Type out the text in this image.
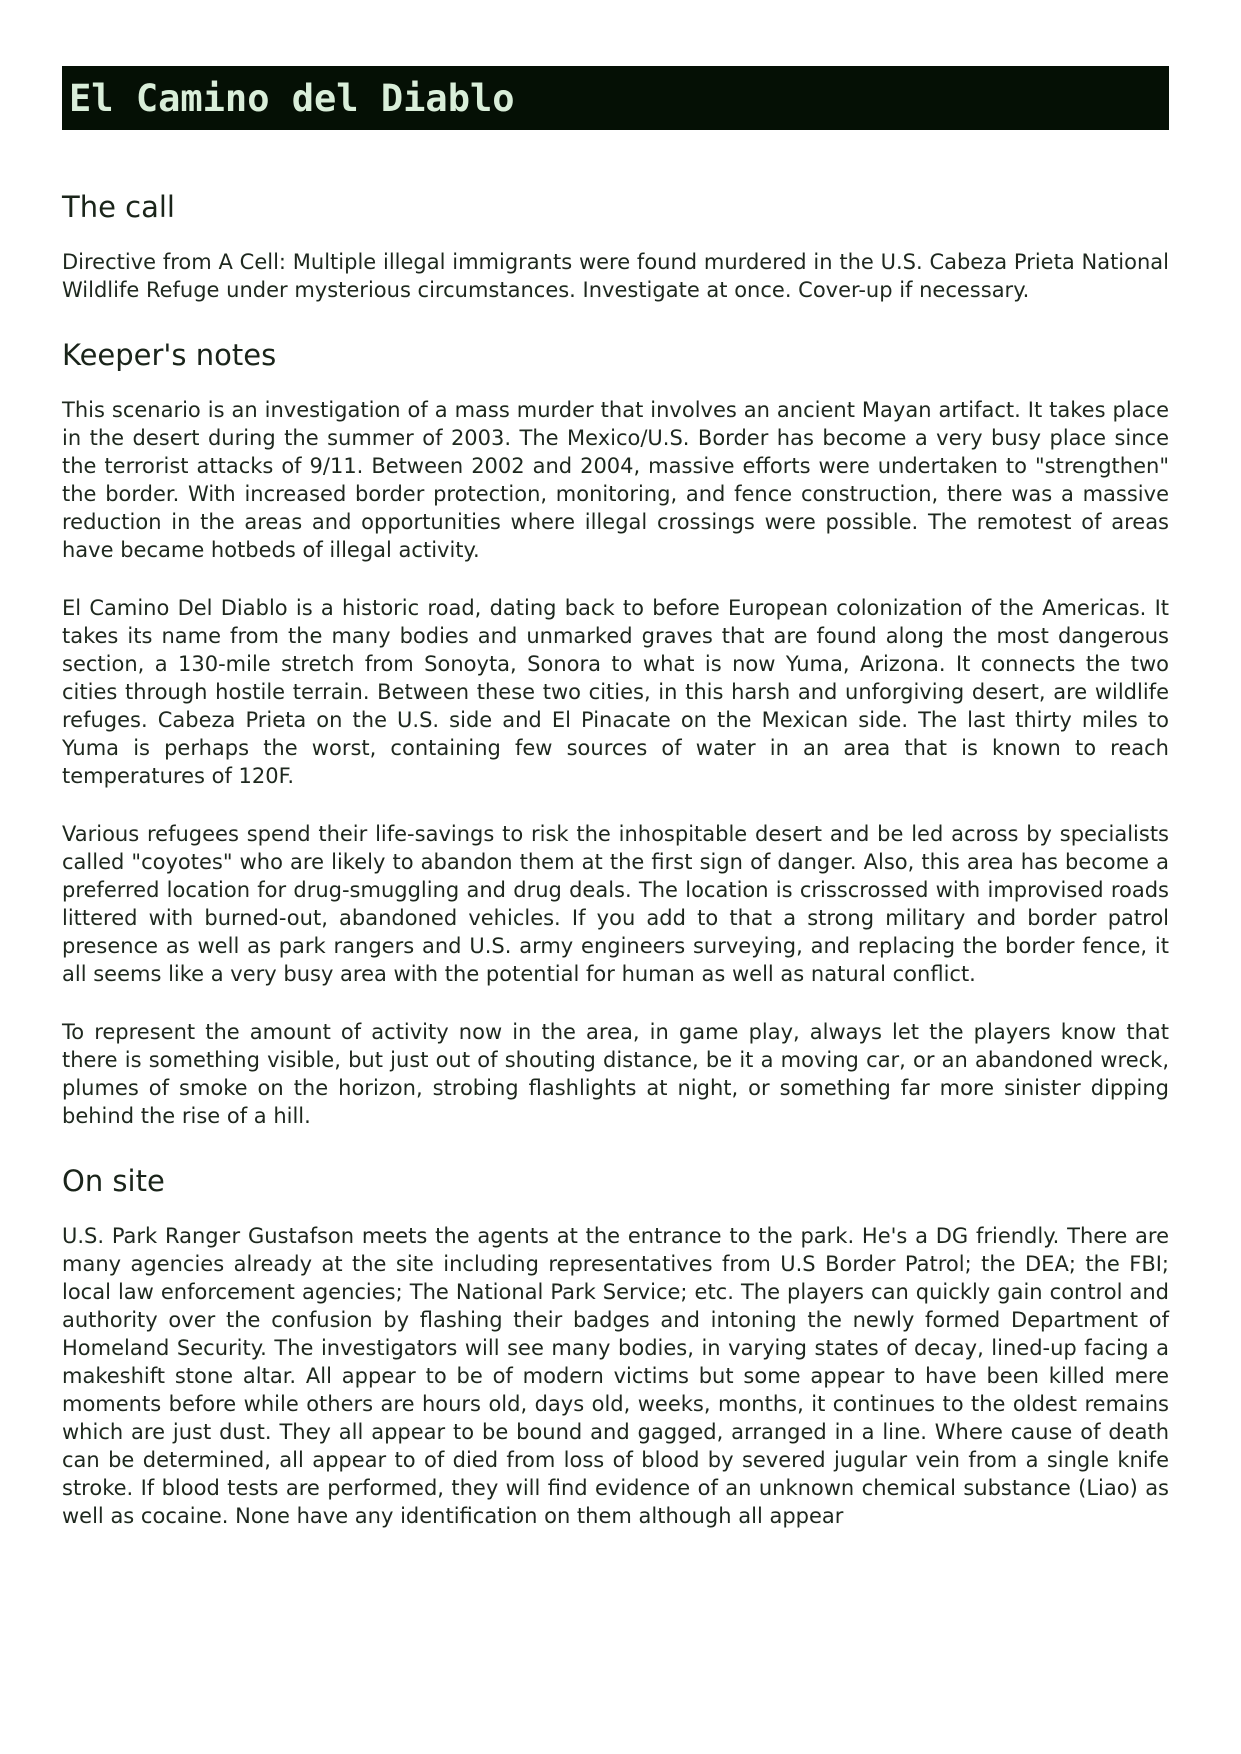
El Camino del Diablo
The call

Directive from A Cell: Multiple illegal immigrants were found murdered in the U.S. Cabeza Prieta National Wildlife Refuge under mysterious circumstances. Investigate at once. Cover-up if necessary.

Keeper's notes

This scenario is an investigation of a mass murder that involves an ancient Mayan artifact. It takes place in the desert during the summer of 2003. The Mexico/U.S. Border has become a very busy place since the terrorist attacks of 9/11. Between 2002 and 2004, massive efforts were undertaken to "strengthen" the border. With increased border protection, monitoring, and fence construction, there was a massive reduction in the areas and opportunities where illegal crossings were possible. The remotest of areas have became hotbeds of illegal activity.

El Camino Del Diablo is a historic road, dating back to before European colonization of the Americas. It takes its name from the many bodies and unmarked graves that are found along the most dangerous section, a 130-mile stretch from Sonoyta, Sonora to what is now Yuma, Arizona. It connects the two cities through hostile terrain. Between these two cities, in this harsh and unforgiving desert, are wildlife refuges. Cabeza Prieta on the U.S. side and El Pinacate on the Mexican side. The last thirty miles to Yuma is perhaps the worst, containing few sources of water in an area that is known to reach temperatures of 120F.

Various refugees spend their life-savings to risk the inhospitable desert and be led across by specialists called "coyotes" who are likely to abandon them at the first sign of danger. Also, this area has become a preferred location for drug-smuggling and drug deals. The location is crisscrossed with improvised roads littered with burned-out, abandoned vehicles. If you add to that a strong military and border patrol presence as well as park rangers and U.S. army engineers surveying, and replacing the border fence, it all seems like a very busy area with the potential for human as well as natural conflict.

To represent the amount of activity now in the area, in game play, always let the players know that there is something visible, but just out of shouting distance, be it a moving car, or an abandoned wreck, plumes of smoke on the horizon, strobing flashlights at night, or something far more sinister dipping behind the rise of a hill.

On site

U.S. Park Ranger Gustafson meets the agents at the entrance to the park. He's a DG friendly. There are many agencies already at the site including representatives from U.S Border Patrol; the DEA; the FBI; local law enforcement agencies; The National Park Service; etc. The players can quickly gain control and authority over the confusion by flashing their badges and intoning the newly formed Department of Homeland Security. The investigators will see many bodies, in varying states of decay, lined-up facing a makeshift stone altar. All appear to be of modern victims but some appear to have been killed mere moments before while others are hours old, days old, weeks, months, it continues to the oldest remains which are just dust. They all appear to be bound and gagged, arranged in a line. Where cause of death can be determined, all appear to of died from loss of blood by severed jugular vein from a single knife stroke. If blood tests are performed, they will find evidence of an unknown chemical substance (Liao) as well as cocaine. None have any identification on them although all appear
